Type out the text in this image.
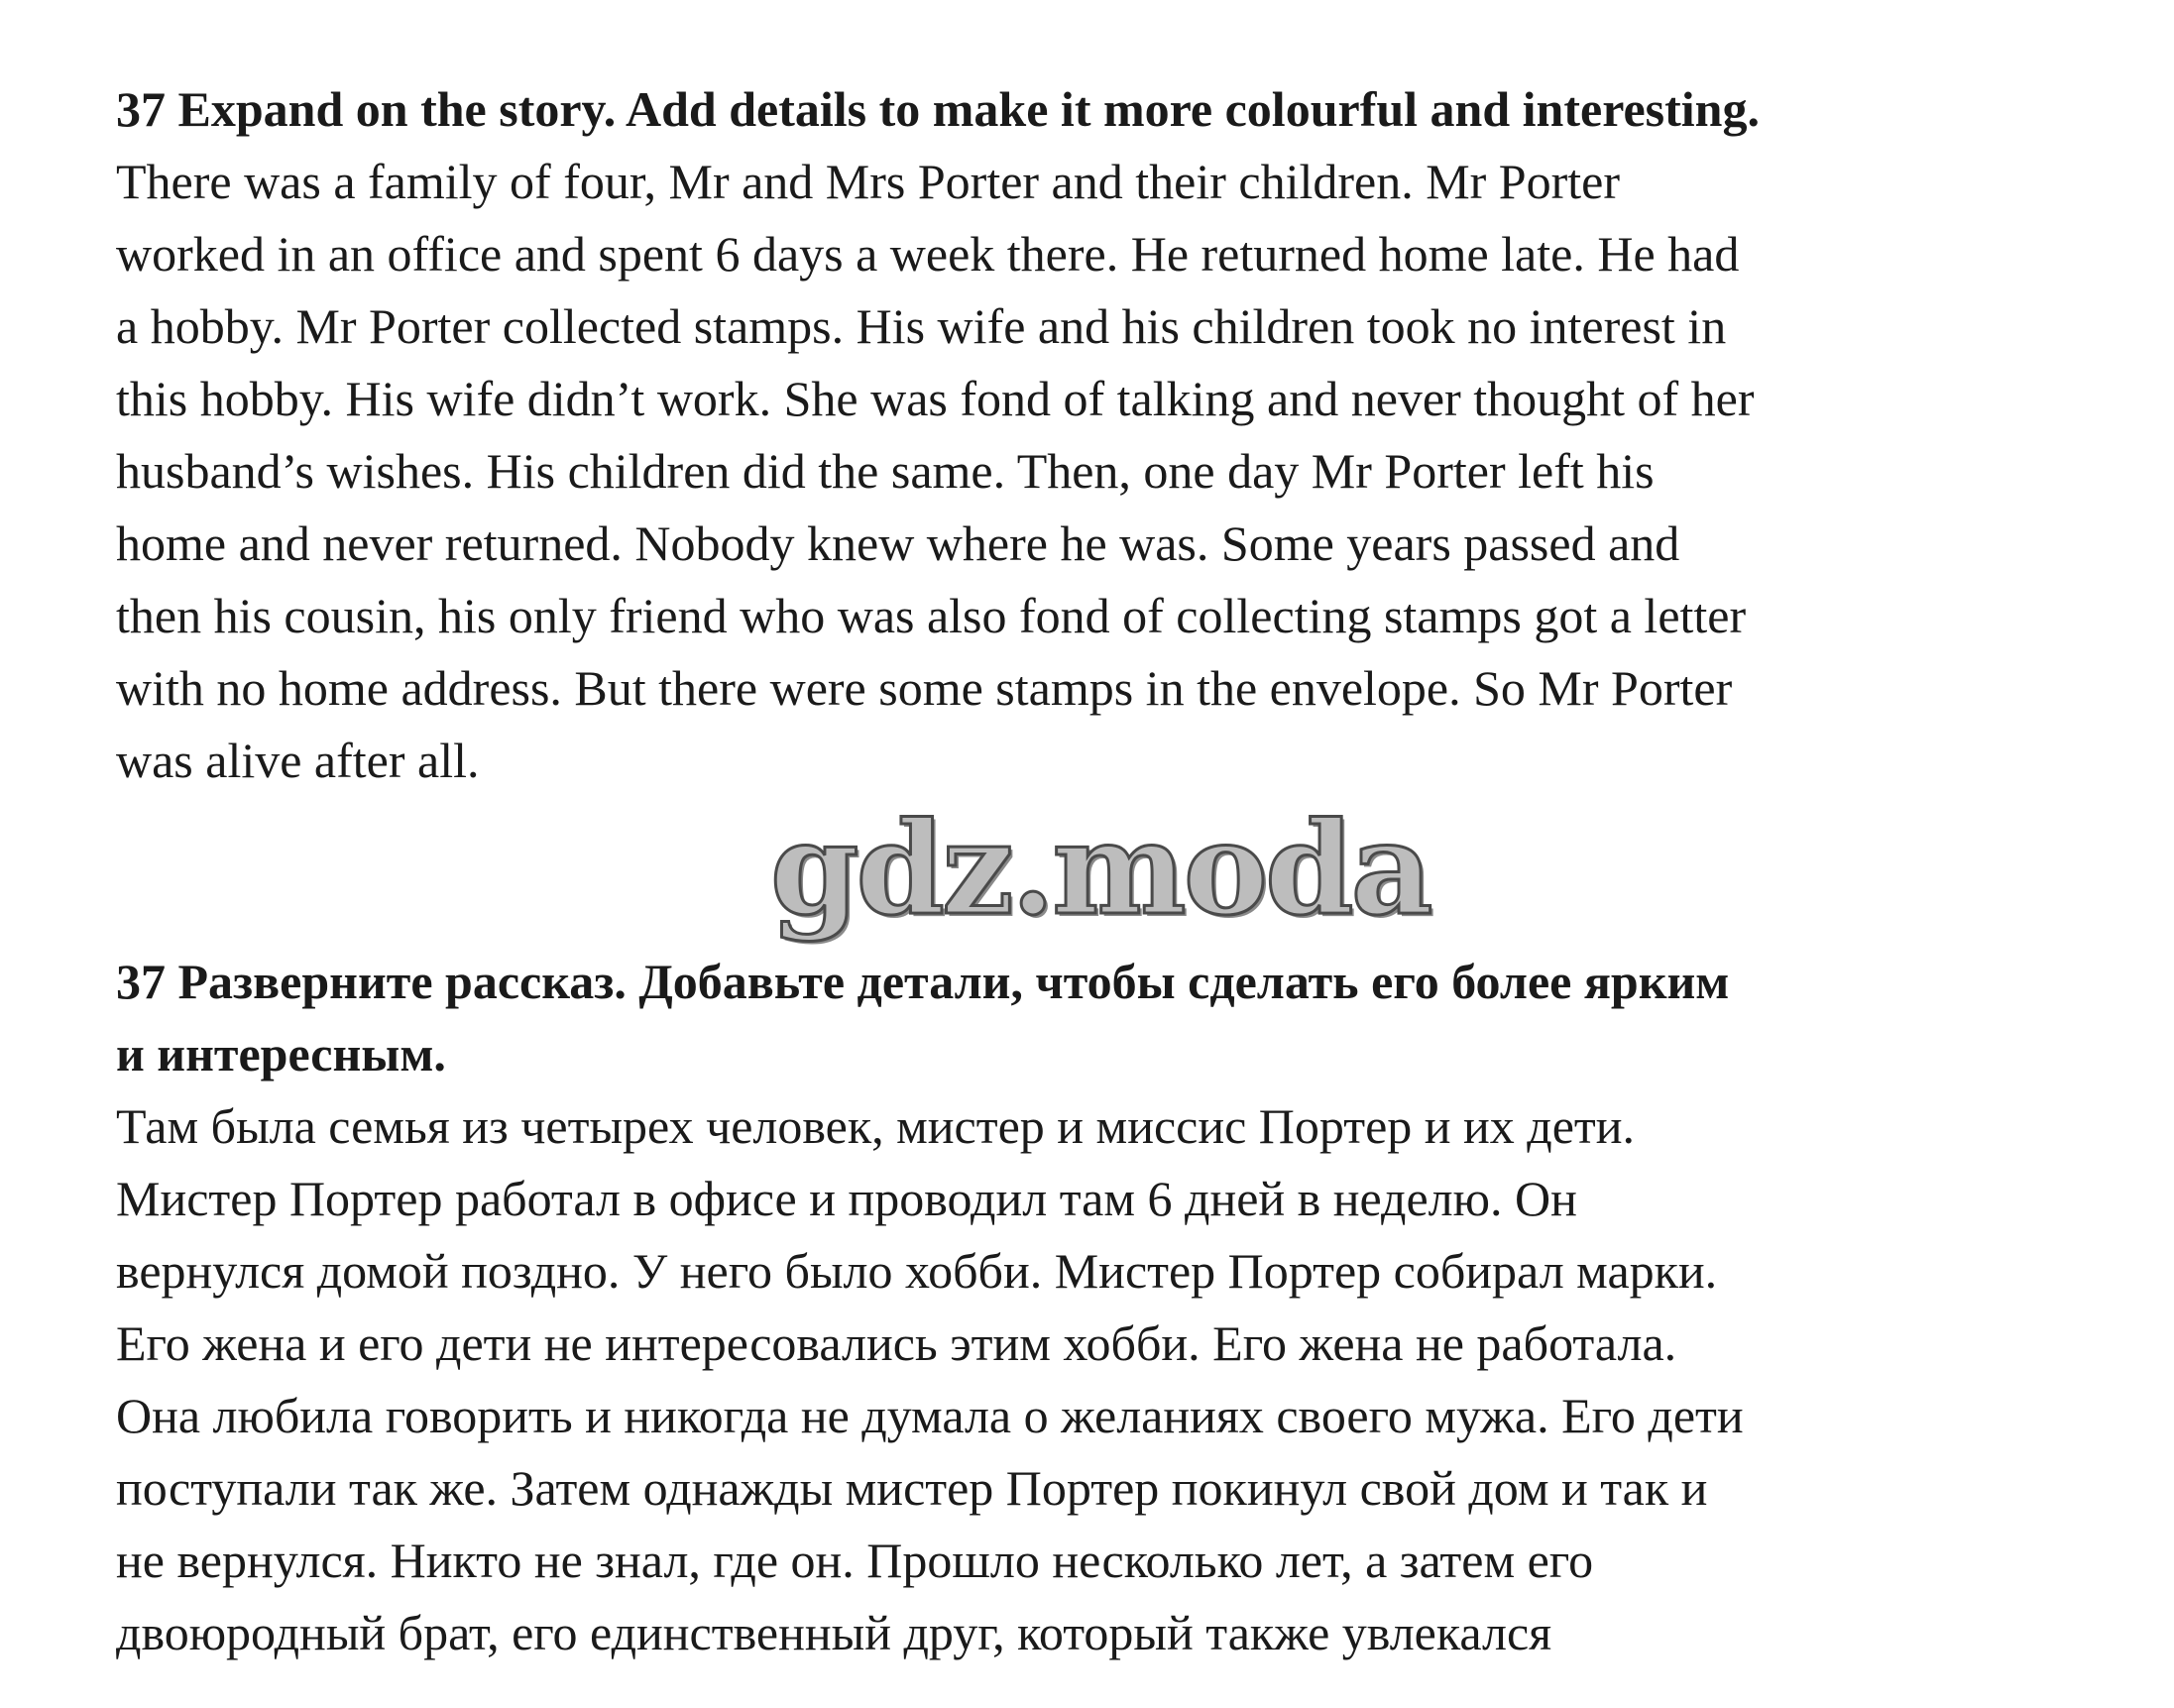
37 Expand on the story. Add details to make it more colourful and interesting.

There was a family of four, Mr and Mrs Porter and their children. Mr Porter
worked in an office and spent 6 days a week there. He returned home late. He had
a hobby. Mr Porter collected stamps. His wife and his children took no interest in
this hobby. His wife didn’t work. She was fond of talking and never thought of her
husband’s wishes. His children did the same. Then, one day Mr Porter left his
home and never returned. Nobody knew where he was. Some years passed and
then his cousin, his only friend who was also fond of collecting stamps got a letter
with no home address. But there were some stamps in the envelope. So Mr Porter
was alive after all.

gdz.moda

37 Разверните рассказ. Добавьте детали, чтобы сделать его более ярким
и интересным.

Там была семья из четырех человек, мистер и миссис Портер и их дети.
Мистер Портер работал в офисе и проводил там 6 дней в неделю. Он
вернулся домой поздно. У него было хобби. Мистер Портер собирал марки.
Его жена и его дети не интересовались этим хобби. Его жена не работала.
Она любила говорить и никогда не думала о желаниях своего мужа. Его дети
поступали так же. Затем однажды мистер Портер покинул свой дом и так и
не вернулся. Никто не знал, где он. Прошло несколько лет, а затем его
двоюродный брат, его единственный друг, который также увлекался
